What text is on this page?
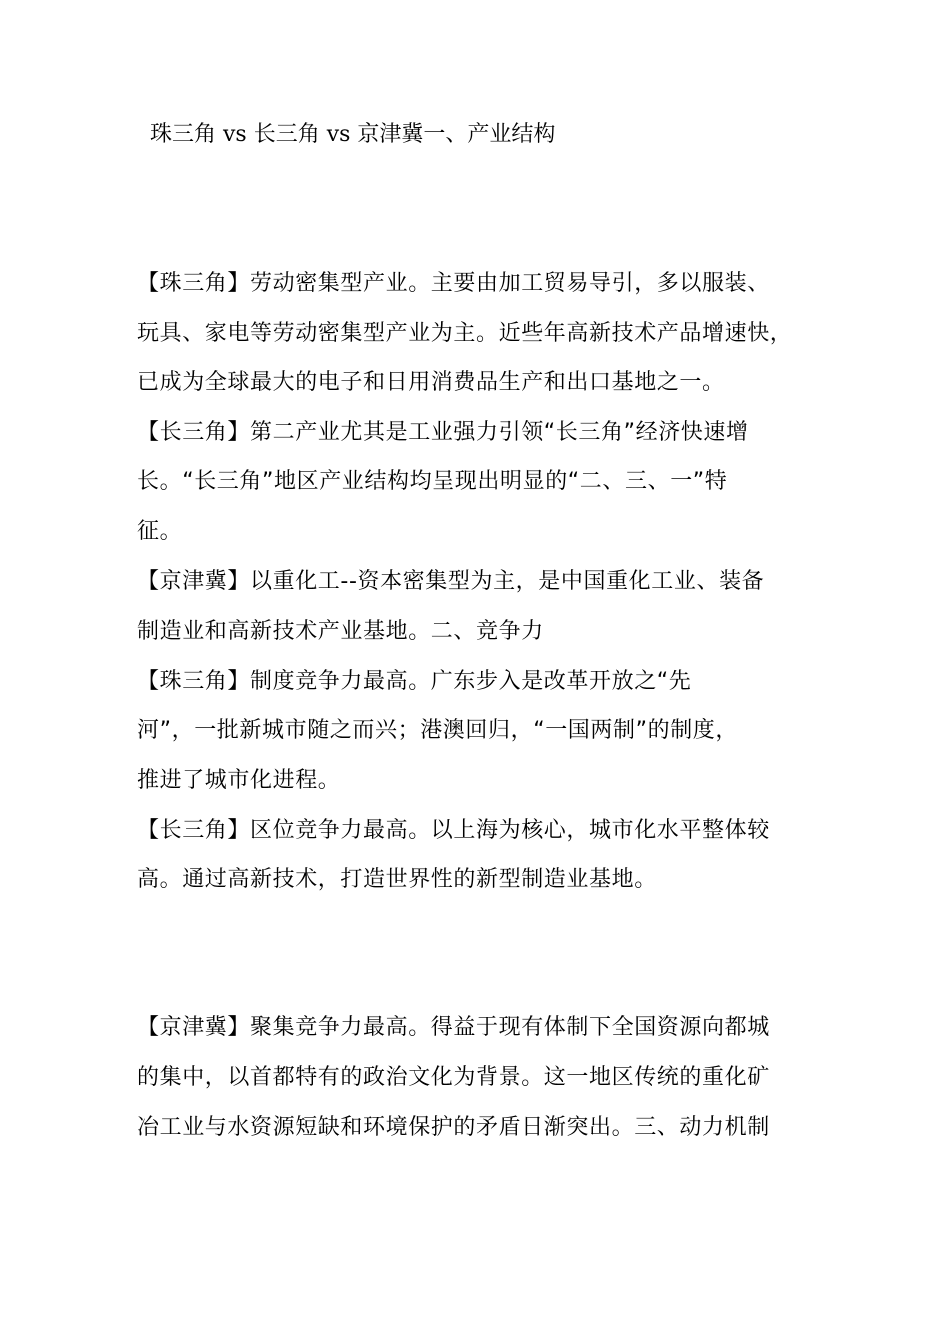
珠三角 vs 长三角 vs 京津冀一、产业结构
【珠三角】劳动密集型产业。主要由加工贸易导引，多以服装、
玩具、家电等劳动密集型产业为主。近些年高新技术产品增速快，
已成为全球最大的电子和日用消费品生产和出口基地之一。
【长三角】第二产业尤其是工业强力引领“长三角”经济快速增
长。“长三角”地区产业结构均呈现出明显的“二、三、一”特
征。
【京津冀】以重化工--资本密集型为主，是中国重化工业、装备
制造业和高新技术产业基地。二、竞争力
【珠三角】制度竞争力最高。广东步入是改革开放之“先
河”，一批新城市随之而兴；港澳回归，“一国两制”的制度，
推进了城市化进程。
【长三角】区位竞争力最高。以上海为核心，城市化水平整体较
高。通过高新技术，打造世界性的新型制造业基地。
【京津冀】聚集竞争力最高。得益于现有体制下全国资源向都城
的集中，以首都特有的政治文化为背景。这一地区传统的重化矿
冶工业与水资源短缺和环境保护的矛盾日渐突出。三、动力机制
